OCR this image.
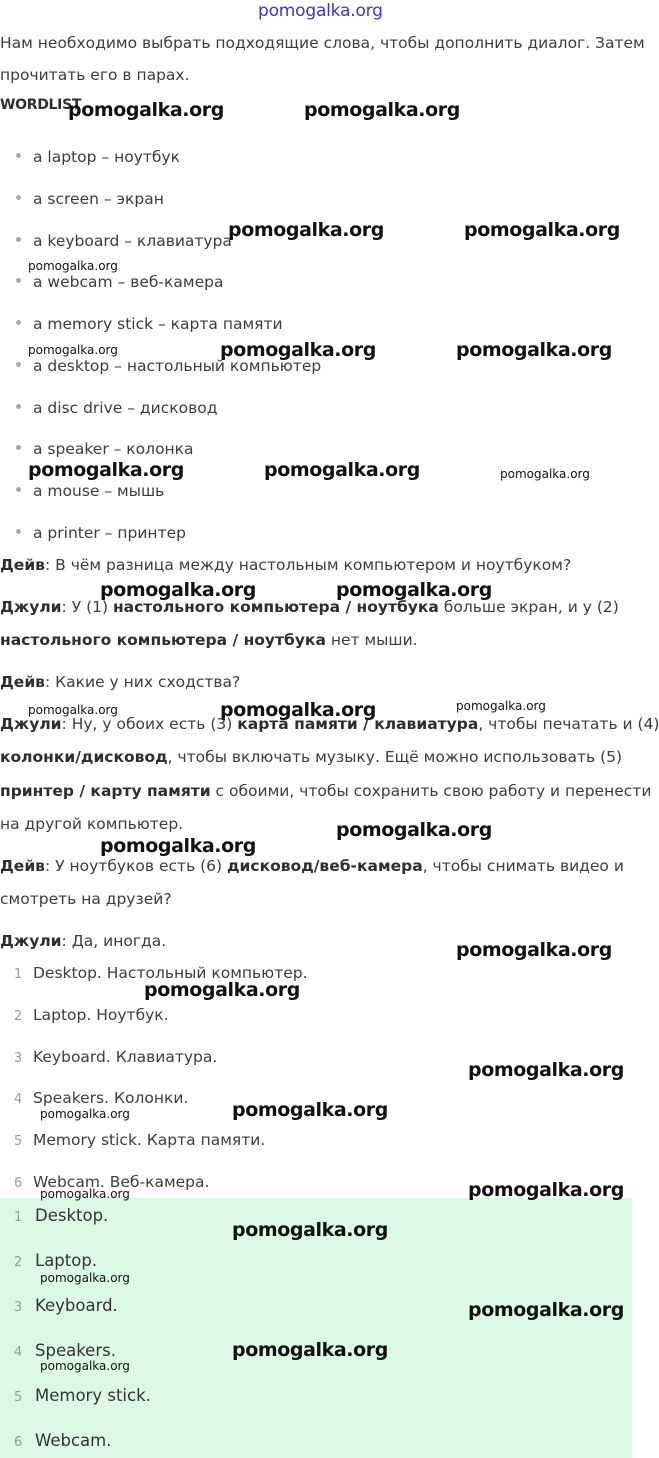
pomogalka.org
Нам необходимо выбрать подходящие слова, чтобы дополнить диалог. Затем
прочитать его в парах.
WORDLIST
a laptop – ноутбук
a screen – экран
a keyboard – клавиатура
a webcam – веб-камера
a memory stick – карта памяти
a desktop – настольный компьютер
a disc drive – дисковод
a speaker – колонка
a mouse – мышь
a printer – принтер
Дейв: В чём разница между настольным компьютером и ноутбуком?
Джули: У (1) настольного компьютера / ноутбука больше экран, и у (2)
настольного компьютера / ноутбука нет мыши.
Дейв: Какие у них сходства?
Джули: Ну, у обоих есть (3) карта памяти / клавиатура, чтобы печатать и (4)
колонки/дисковод, чтобы включать музыку. Ещё можно использовать (5)
принтер / карту памяти с обоими, чтобы сохранить свою работу и перенести
на другой компьютер.
Дейв: У ноутбуков есть (6) дисковод/веб-камера, чтобы снимать видео и
смотреть на друзей?
Джули: Да, иногда.
1 Desktop. Настольный компьютер.
2 Laptop. Ноутбук.
3 Keyboard. Клавиатура.
4 Speakers. Колонки.
5 Memory stick. Карта памяти.
6 Webcam. Веб-камера.
1 Desktop.
2 Laptop.
3 Keyboard.
4 Speakers.
5 Memory stick.
6 Webcam.
pomogalka.org	pomogalka.org
pomogalka.org	pomogalka.org
pomogalka.org
pomogalka.org	pomogalka.org	pomogalka.org
pomogalka.org	pomogalka.org	pomogalka.org
pomogalka.org	pomogalka.org
pomogalka.org	pomogalka.org	pomogalka.org
pomogalka.org
pomogalka.org
pomogalka.org
pomogalka.org
pomogalka.org
pomogalka.org	pomogalka.org
pomogalka.org	pomogalka.org
pomogalka.org
pomogalka.org
pomogalka.org
pomogalka.org
pomogalka.org
